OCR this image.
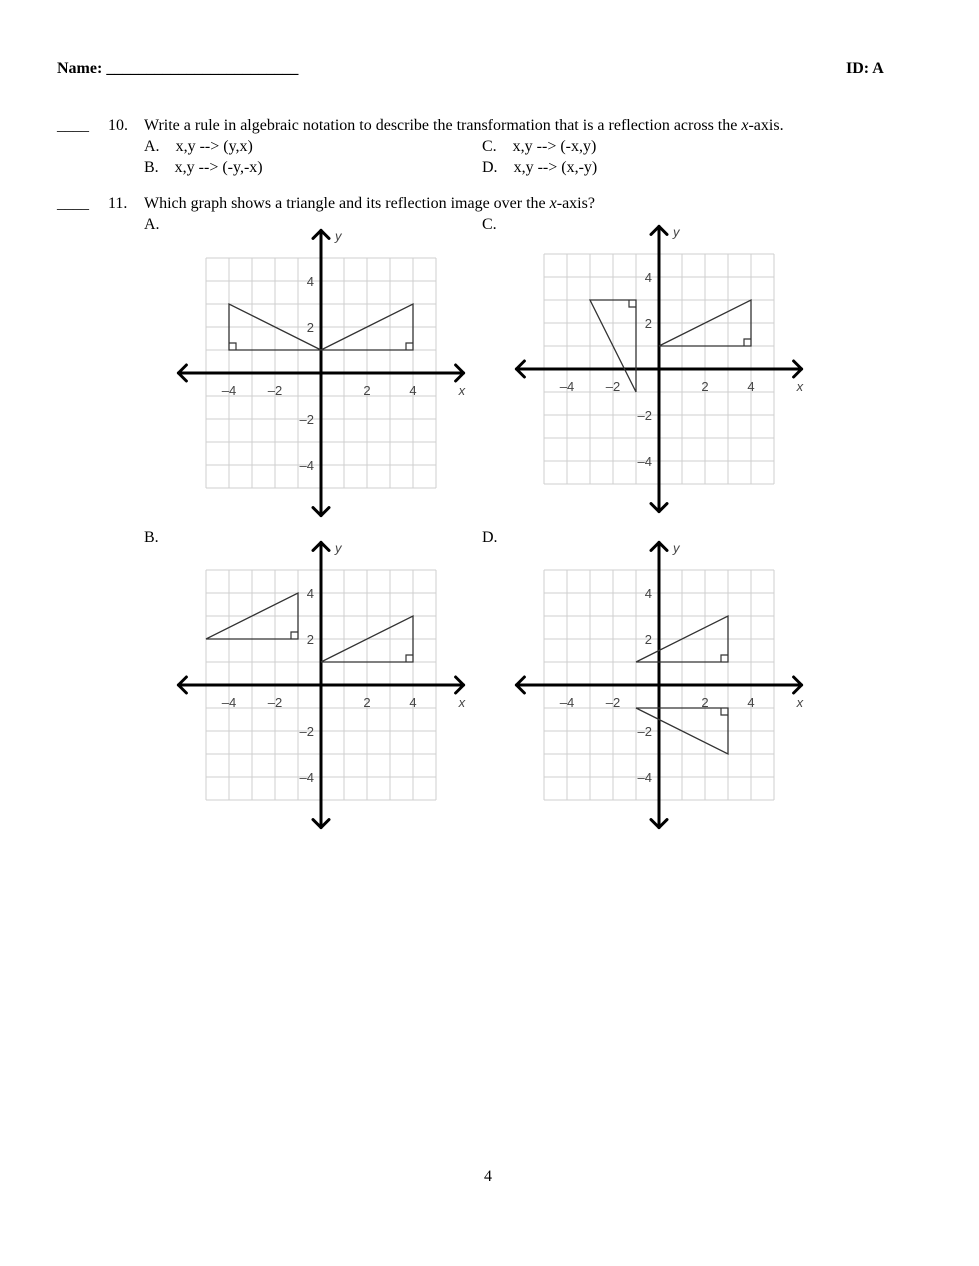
Name: ________________________	ID: A
____ 10. Write a rule in algebraic notation to describe the transformation that is a reflection across the x-axis.
A. x,y --> (y,x)	C. x,y --> (-x,y)
B. x,y --> (-y,-x)	D. x,y --> (x,-y)
____ 11. Which graph shows a triangle and its reflection image over the x-axis?
A.	C.
B.	D.
x
y
–4 –2	2	4
4
2
–2
–4
x
y
–4 –2	2	4
4
2
–2
–4
x
y
–4 –2	2	4
4
2
–2
–4
x
y
–4 –2	2	4
4
2
–2
–4
4
